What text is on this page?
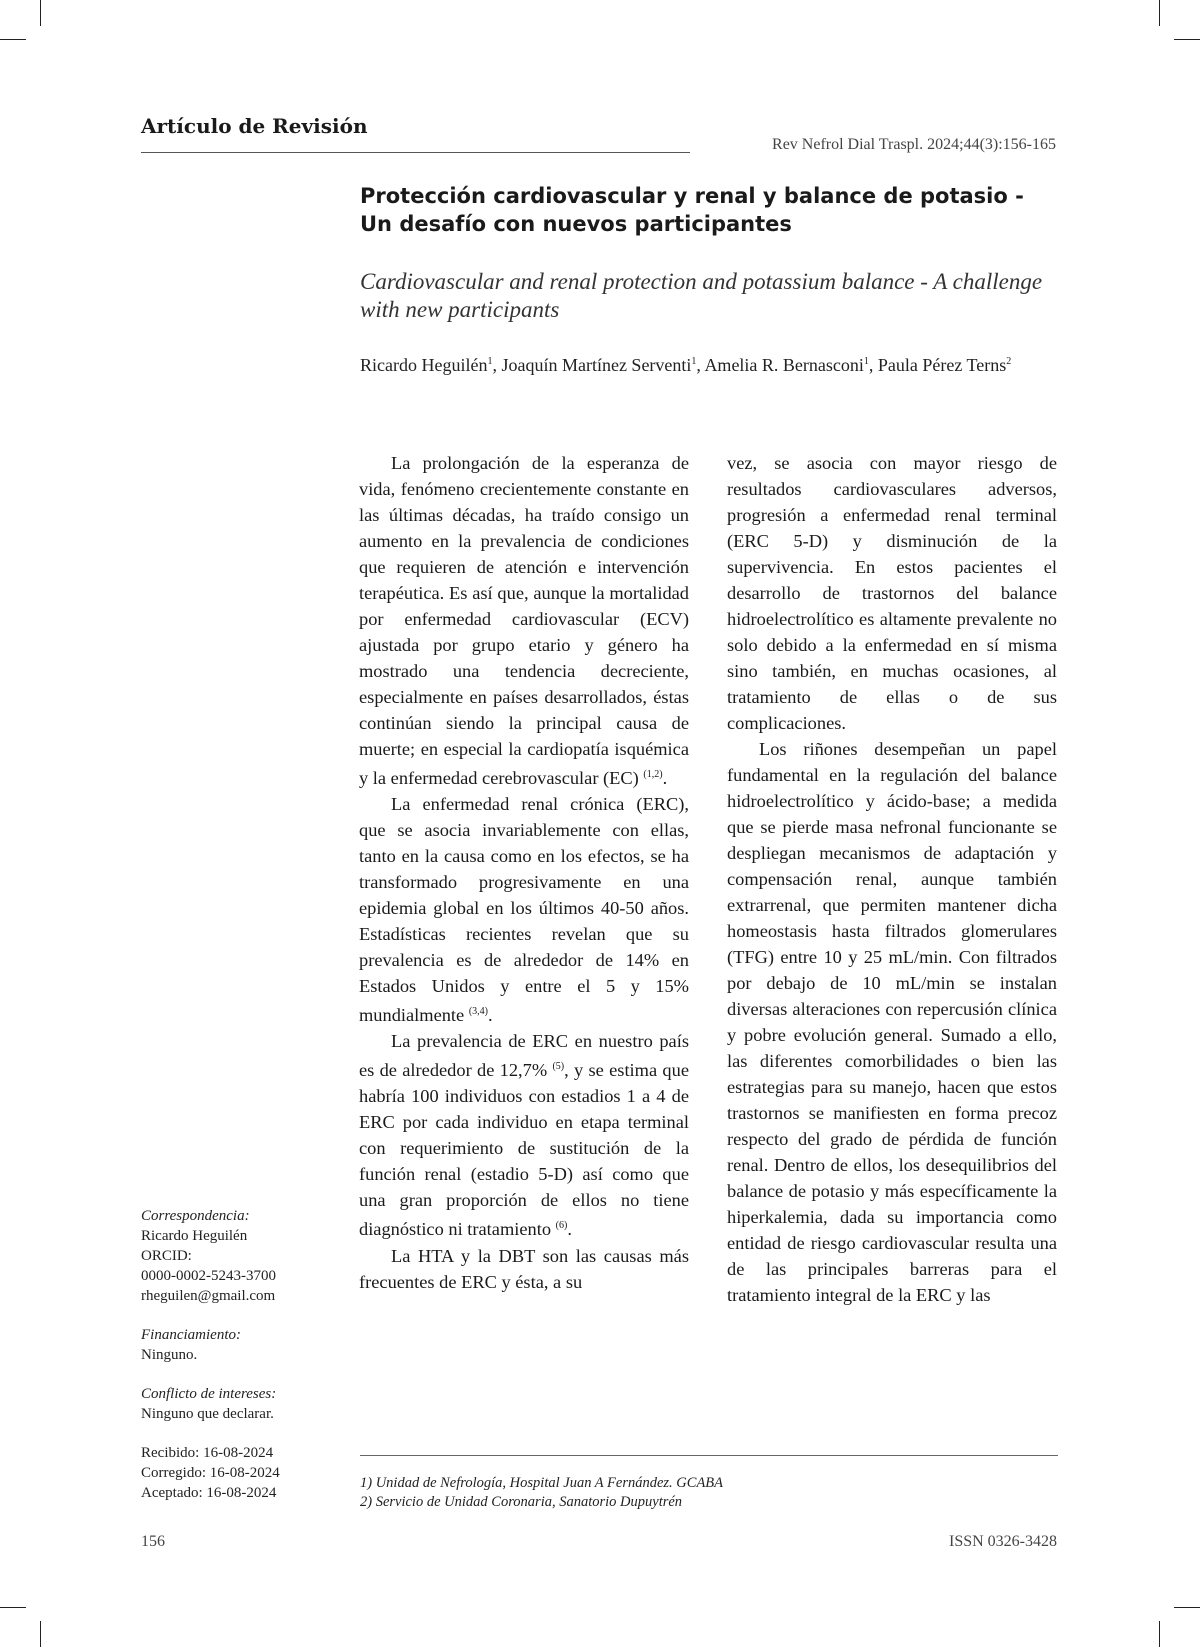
Artículo de Revisión
Rev Nefrol Dial Traspl. 2024;44(3):156-165
Protección cardiovascular y renal y balance de potasio - Un desafío con nuevos participantes
Cardiovascular and renal protection and potassium balance - A challenge with new participants
Ricardo Heguilén$^1$, Joaquín Martínez Serventi$^1$, Amelia R. Bernasconi$^1$, Paula Pérez Terns$^2$

La prolongación de la esperanza de vida, fenómeno crecientemente constante en las últimas décadas, ha traído consigo un aumento en la prevalencia de condiciones que requieren de atención e intervención terapéutica. Es así que, aunque la mortalidad por enfermedad cardiovascular (ECV) ajustada por grupo etario y género ha mostrado una tendencia decreciente, especialmente en países desarrollados, éstas continúan siendo la principal causa de muerte; en especial la cardiopatía isquémica y la enfermedad cerebrovascular (EC) $^{(1,2)}$.

La enfermedad renal crónica (ERC), que se asocia invariablemente con ellas, tanto en la causa como en los efectos, se ha transformado progresivamente en una epidemia global en los últimos 40-50 años. Estadísticas recientes revelan que su prevalencia es de alrededor de 14% en Estados Unidos y entre el 5 y 15% mundialmente $^{(3,4)}$.

La prevalencia de ERC en nuestro país es de alrededor de 12,7% $^{(5)}$, y se estima que habría 100 individuos con estadios 1 a 4 de ERC por cada individuo en etapa terminal con requerimiento de sustitución de la función renal (estadio 5-D) así como que una gran proporción de ellos no tiene diagnóstico ni tratamiento $^{(6)}$.

La HTA y la DBT son las causas más frecuentes de ERC y ésta, a su

vez, se asocia con mayor riesgo de resultados cardiovasculares adversos, progresión a enfermedad renal terminal (ERC 5-D) y disminución de la supervivencia. En estos pacientes el desarrollo de trastornos del balance hidroelectrolítico es altamente prevalente no solo debido a la enfermedad en sí misma sino también, en muchas ocasiones, al tratamiento de ellas o de sus complicaciones.

Los riñones desempeñan un papel fundamental en la regulación del balance hidroelectrolítico y ácido-base; a medida que se pierde masa nefronal funcionante se despliegan mecanismos de adaptación y compensación renal, aunque también extrarrenal, que permiten mantener dicha homeostasis hasta filtrados glomerulares (TFG) entre 10 y 25 mL/min. Con filtrados por debajo de 10 mL/min se instalan diversas alteraciones con repercusión clínica y pobre evolución general. Sumado a ello, las diferentes comorbilidades o bien las estrategias para su manejo, hacen que estos trastornos se manifiesten en forma precoz respecto del grado de pérdida de función renal. Dentro de ellos, los desequilibrios del balance de potasio y más específicamente la hiperkalemia, dada su importancia como entidad de riesgo cardiovascular resulta una de las principales barreras para el tratamiento integral de la ERC y las

Correspondencia:
Ricardo Heguilén
ORCID:
0000-0002-5243-3700
rheguilen@gmail.com
Financiamiento:
Ninguno.
Conflicto de intereses:
Ninguno que declarar.
Recibido: 16-08-2024
Corregido: 16-08-2024
Aceptado: 16-08-2024
1) Unidad de Nefrología, Hospital Juan A Fernández. GCABA
2) Servicio de Unidad Coronaria, Sanatorio Dupuytrén
156	ISSN 0326-3428
